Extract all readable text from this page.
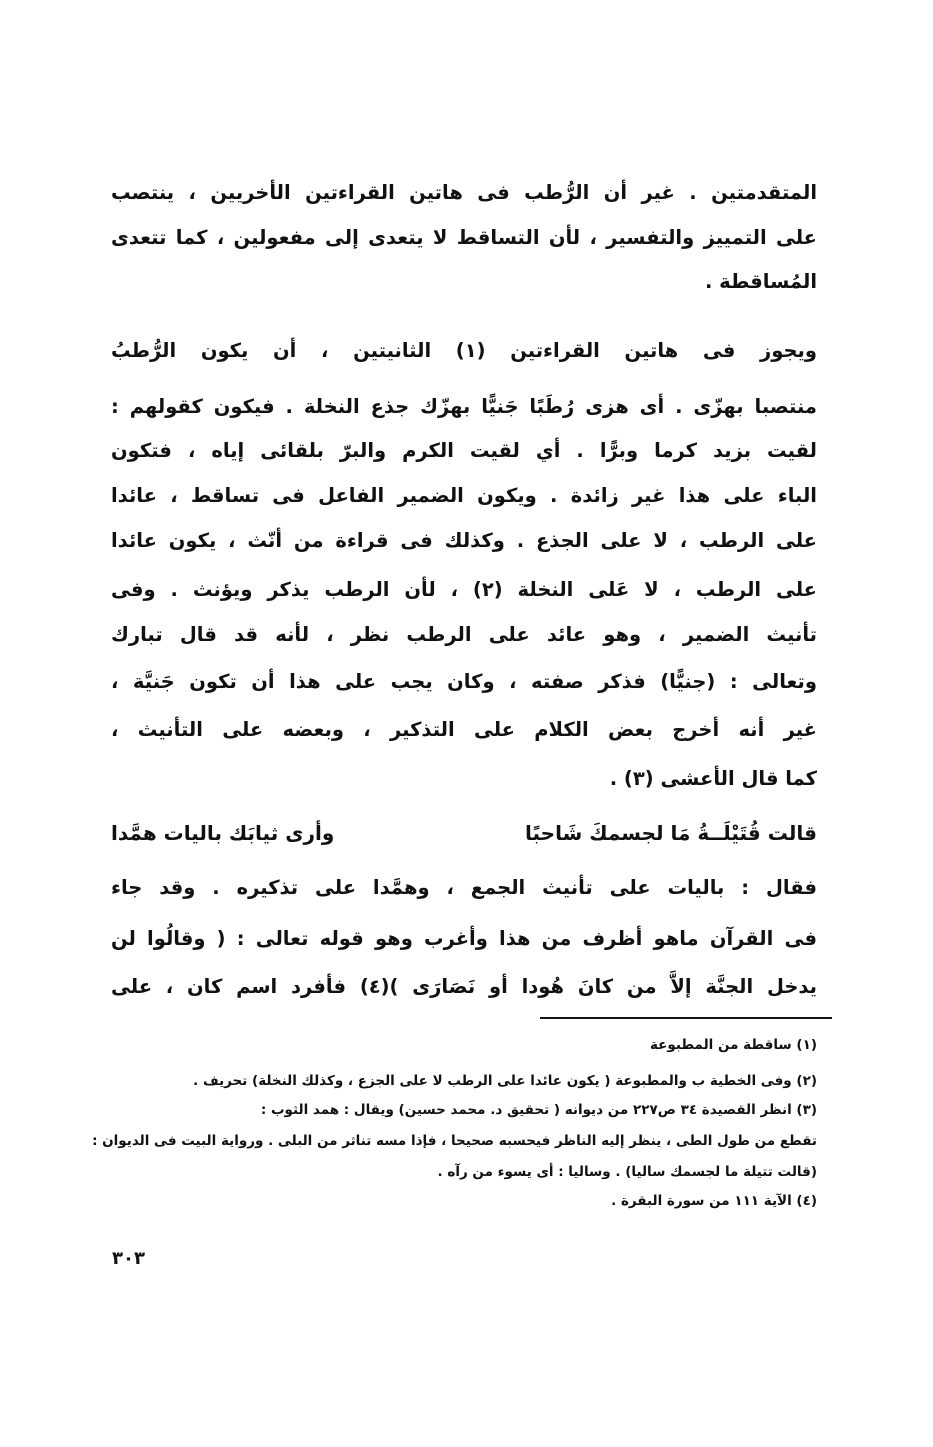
المتقدمتين . غير أن الرُّطب فى هاتين القراءتين الأخريين ، ينتصب
على التمييز والتفسير ، لأن التساقط لا يتعدى إلى مفعولين ، كما تتعدى
المُساقطة .
ويجوز فى هاتين القراءتين (١) الثانيتين ، أن يكون الرُّطبُ
منتصبا بهزّى . أى هزى رُطَبًا جَنيًّا بهزّك جذع النخلة . فيكون كقولهم :
لقيت بزيد كرما وبرًّا . أي لقيت الكرم والبرّ بلقائى إياه ، فتكون
الباء على هذا غير زائدة . ويكون الضمير الفاعل فى تساقط ، عائدا
على الرطب ، لا على الجذع . وكذلك فى قراءة من أنّث ، يكون عائدا
على الرطب ، لا عَلى النخلة (٢) ، لأن الرطب يذكر ويؤنث . وفى
تأنيث الضمير ، وهو عائد على الرطب نظر ، لأنه قد قال تبارك
وتعالى : (جنيًّا) فذكر صفته ، وكان يجب على هذا أن تكون جَنيَّة ،
غير أنه أخرج بعض الكلام على التذكير ، وبعضه على التأنيث ،
كما قال الأعشى (٣) .
قالت قُتَيْلَــةُ مَا لجسمكَ شَاحبًا
وأرى ثيابَك باليات همَّدا
فقال : باليات على تأنيث الجمع ، وهمَّدا على تذكيره . وقد جاء
فى القرآن ماهو أظرف من هذا وأغرب وهو قوله تعالى : ( وقالُوا لن
يدخل الجنَّة إلاَّ من كانَ هُودا أو نَصَارَى )(٤) فأفرد اسم كان ، على
(١) ساقطة من المطبوعة
(٢) وفى الخطية ب والمطبوعة ( يكون عائدا على الرطب لا على الجزع ، وكذلك النخلة) تحريف .
(٣) انظر القصيدة ٣٤ ص٢٢٧ من ديوانه ( تحقيق د. محمد حسين) ويقال : همد الثوب :
تقطع من طول الطى ، ينظر إليه الناظر فيحسبه صحيحا ، فإذا مسه تناثر من البلى . ورواية البيت فى الديوان :
(قالت تتيلة ما لجسمك ساليا) . وساليا : أى يسوء من رآه .
(٤) الآية ١١١ من سورة البقرة .
٣٠٣
